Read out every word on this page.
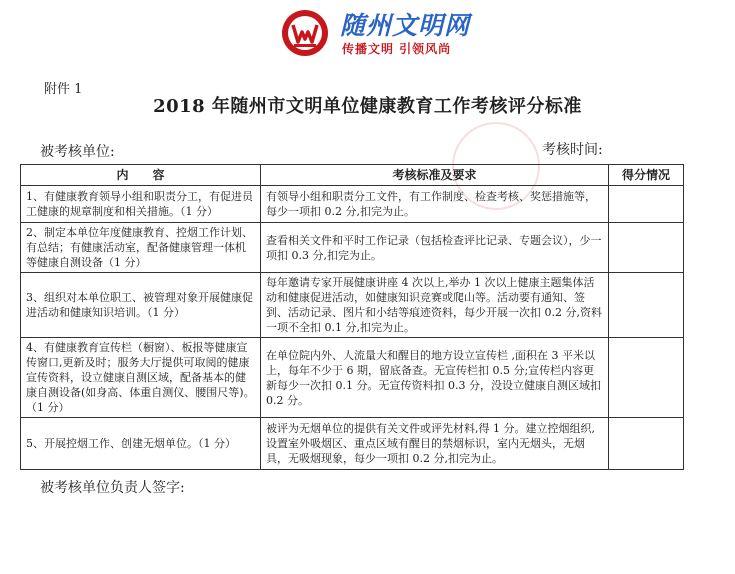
随州文明网
传播文明 引领风尚
附件 1
2018 年随州市文明单位健康教育工作考核评分标准
被考核单位:	考核时间:
内　　容	考核标准及要求	得分情况
1、有健康教育领导小组和职责分工，有促进员工健康的规章制度和相关措施。（1 分）	有领导小组和职责分工文件，有工作制度、检查考核、奖惩措施等，每少一项扣 0.2 分,扣完为止。	
2、制定本单位年度健康教育、控烟工作计划、有总结；有健康活动室，配备健康管理一体机等健康自测设备（1 分）	查看相关文件和平时工作记录（包括检查评比记录、专题会议），少一项扣 0.3 分,扣完为止。	
3、组织对本单位职工、被管理对象开展健康促进活动和健康知识培训。（1 分）	每年邀请专家开展健康讲座 4 次以上,举办 1 次以上健康主题集体活动和健康促进活动，如健康知识竞赛或爬山等。活动要有通知、签到、活动记录、图片和小结等痕迹资料，每少开展一次扣 0.2 分,资料一项不全扣 0.1 分,扣完为止。	
4、有健康教育宣传栏（橱窗）、板报等健康宣传窗口,更新及时；服务大厅提供可取阅的健康宣传资料，设立健康自测区域，配备基本的健康自测设备(如身高、体重自测仪、腰围尺等)。（1 分）	在单位院内外、人流量大和醒目的地方设立宣传栏 ,面积在 3 平米以上，每年不少于 6 期，留底备查。无宣传栏扣 0.5 分;宣传栏内容更新每少一次扣 0.1 分。无宣传资料扣 0.3 分，没设立健康自测区域扣 0.2 分。	
5、开展控烟工作、创建无烟单位。（1 分）	被评为无烟单位的提供有关文件或评先材料,得 1 分。建立控烟组织,设置室外吸烟区、重点区域有醒目的禁烟标识，室内无烟头，无烟具，无吸烟现象，每少一项扣 0.2 分,扣完为止。	
被考核单位负责人签字:
